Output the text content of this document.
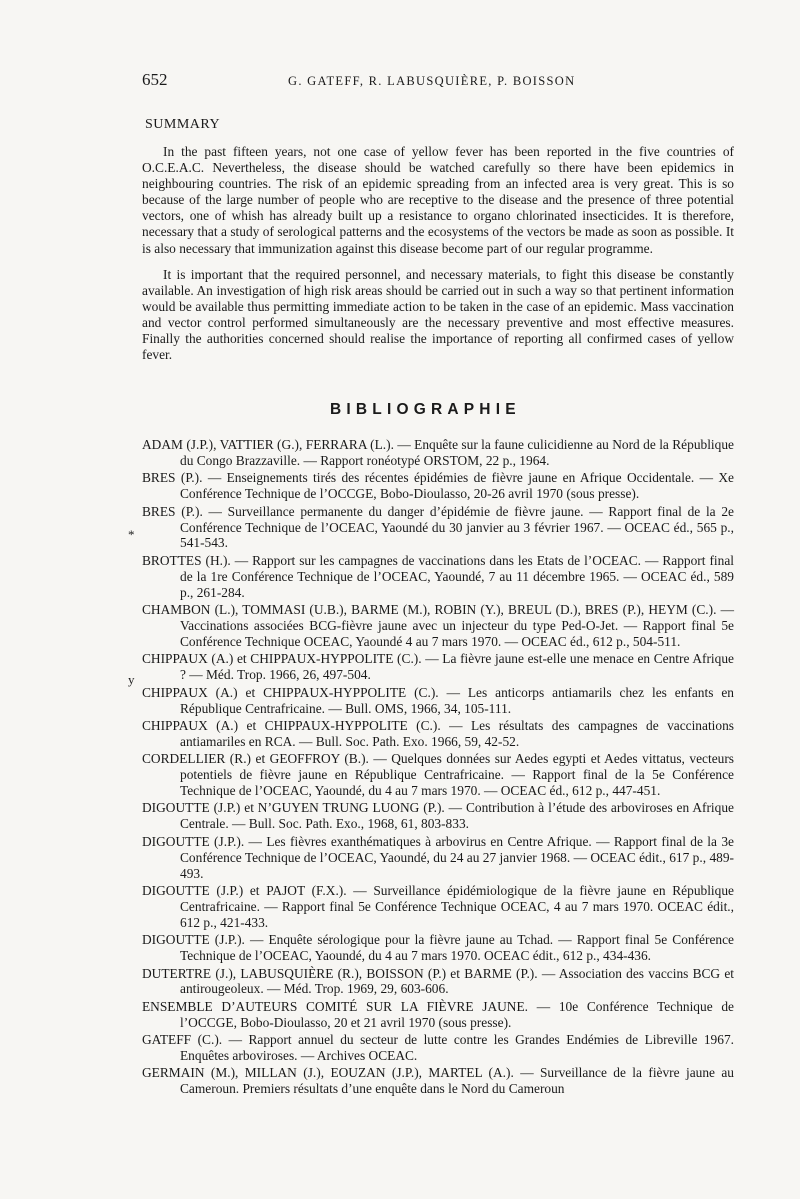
652	G. GATEFF, R. LABUSQUIÈRE, P. BOISSON
SUMMARY

In the past fifteen years, not one case of yellow fever has been reported in the five countries of O.C.E.A.C. Nevertheless, the disease should be watched carefully so there have been epidemics in neighbouring countries. The risk of an epidemic spreading from an infected area is very great. This is so because of the large number of people who are receptive to the disease and the presence of three potential vectors, one of whish has already built up a resistance to organo chlorinated insecticides. It is therefore, necessary that a study of serological patterns and the ecosystems of the vectors be made as soon as possible. It is also necessary that immunization against this disease become part of our regular programme.

It is important that the required personnel, and necessary materials, to fight this disease be constantly available. An investigation of high risk areas should be carried out in such a way so that pertinent information would be available thus permitting immediate action to be taken in the case of an epidemic. Mass vaccination and vector control performed simultaneously are the necessary preventive and most effective measures. Finally the authorities concerned should realise the importance of reporting all confirmed cases of yellow fever.

BIBLIOGRAPHIE
*
y
ADAM (J.P.), VATTIER (G.), FERRARA (L.). — Enquête sur la faune culicidienne au Nord de la République du Congo Brazzaville. — Rapport ronéotypé ORSTOM, 22 p., 1964.
BRES (P.). — Enseignements tirés des récentes épidémies de fièvre jaune en Afrique Occidentale. — Xe Conférence Technique de l’OCCGE, Bobo-Dioulasso, 20-26 avril 1970 (sous presse).
BRES (P.). — Surveillance permanente du danger d’épidémie de fièvre jaune. — Rapport final de la 2e Conférence Technique de l’OCEAC, Yaoundé du 30 janvier au 3 février 1967. — OCEAC éd., 565 p., 541-543.
BROTTES (H.). — Rapport sur les campagnes de vaccinations dans les Etats de l’OCEAC. — Rapport final de la 1re Conférence Technique de l’OCEAC, Yaoundé, 7 au 11 décembre 1965. — OCEAC éd., 589 p., 261-284.
CHAMBON (L.), TOMMASI (U.B.), BARME (M.), ROBIN (Y.), BREUL (D.), BRES (P.), HEYM (C.). — Vaccinations associées BCG-fièvre jaune avec un injecteur du type Ped-O-Jet. — Rapport final 5e Conférence Technique OCEAC, Yaoundé 4 au 7 mars 1970. — OCEAC éd., 612 p., 504-511.
CHIPPAUX (A.) et CHIPPAUX-HYPPOLITE (C.). — La fièvre jaune est-elle une menace en Centre Afrique ? — Méd. Trop. 1966, 26, 497-504.
CHIPPAUX (A.) et CHIPPAUX-HYPPOLITE (C.). — Les anticorps antiamarils chez les enfants en République Centrafricaine. — Bull. OMS, 1966, 34, 105-111.
CHIPPAUX (A.) et CHIPPAUX-HYPPOLITE (C.). — Les résultats des campagnes de vaccinations antiamariles en RCA. — Bull. Soc. Path. Exo. 1966, 59, 42-52.
CORDELLIER (R.) et GEOFFROY (B.). — Quelques données sur Aedes egypti et Aedes vittatus, vecteurs potentiels de fièvre jaune en République Centrafricaine. — Rapport final de la 5e Conférence Technique de l’OCEAC, Yaoundé, du 4 au 7 mars 1970. — OCEAC éd., 612 p., 447-451.
DIGOUTTE (J.P.) et N’GUYEN TRUNG LUONG (P.). — Contribution à l’étude des arboviroses en Afrique Centrale. — Bull. Soc. Path. Exo., 1968, 61, 803-833.
DIGOUTTE (J.P.). — Les fièvres exanthématiques à arbovirus en Centre Afrique. — Rapport final de la 3e Conférence Technique de l’OCEAC, Yaoundé, du 24 au 27 janvier 1968. — OCEAC édit., 617 p., 489-493.
DIGOUTTE (J.P.) et PAJOT (F.X.). — Surveillance épidémiologique de la fièvre jaune en République Centrafricaine. — Rapport final 5e Conférence Technique OCEAC, 4 au 7 mars 1970. OCEAC édit., 612 p., 421-433.
DIGOUTTE (J.P.). — Enquête sérologique pour la fièvre jaune au Tchad. — Rapport final 5e Conférence Technique de l’OCEAC, Yaoundé, du 4 au 7 mars 1970. OCEAC édit., 612 p., 434-436.
DUTERTRE (J.), LABUSQUIÈRE (R.), BOISSON (P.) et BARME (P.). — Association des vaccins BCG et antirougeoleux. — Méd. Trop. 1969, 29, 603-606.
ENSEMBLE D’AUTEURS COMITÉ SUR LA FIÈVRE JAUNE. — 10e Conférence Technique de l’OCCGE, Bobo-Dioulasso, 20 et 21 avril 1970 (sous presse).
GATEFF (C.). — Rapport annuel du secteur de lutte contre les Grandes Endémies de Libreville 1967. Enquêtes arboviroses. — Archives OCEAC.
GERMAIN (M.), MILLAN (J.), EOUZAN (J.P.), MARTEL (A.). — Surveillance de la fièvre jaune au Cameroun. Premiers résultats d’une enquête dans le Nord du Cameroun
